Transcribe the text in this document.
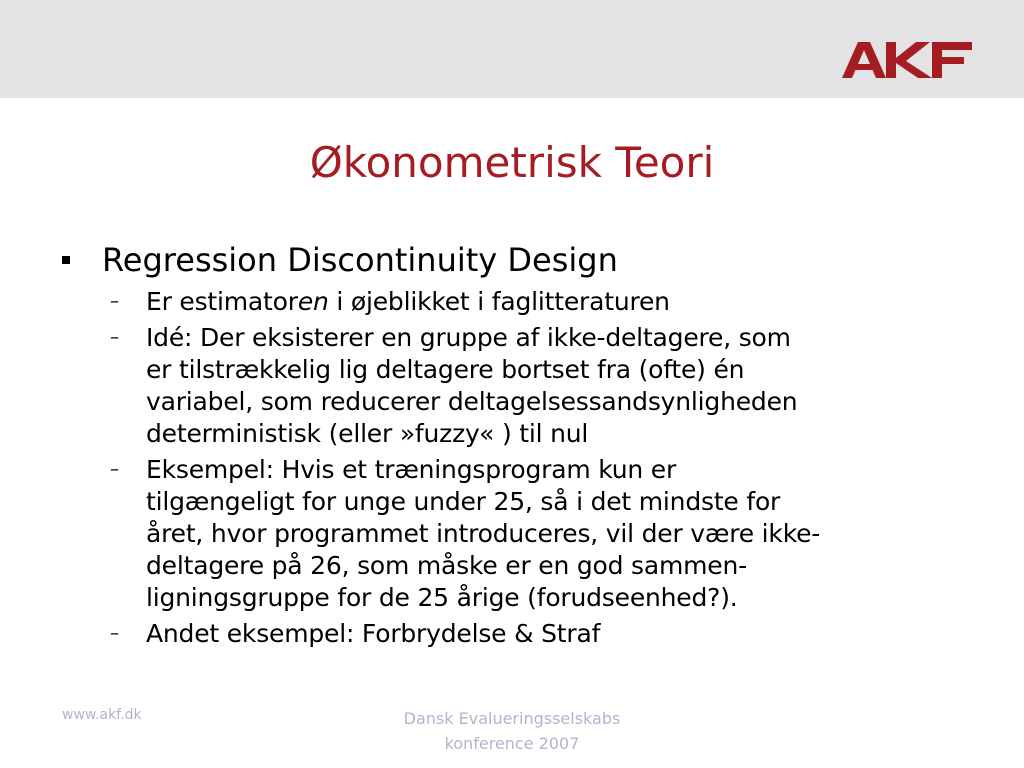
Økonometrisk Teori
Regression Discontinuity Design
– Er estimatoren i øjeblikket i faglitteraturen
– Idé: Der eksisterer en gruppe af ikke-deltagere, som
er tilstrækkelig lig deltagere bortset fra (ofte) én
variabel, som reducerer deltagelsessandsynligheden
deterministisk (eller »fuzzy« ) til nul
– Eksempel: Hvis et træningsprogram kun er
tilgængeligt for unge under 25, så i det mindste for
året, hvor programmet introduceres, vil der være ikke-
deltagere på 26, som måske er en god sammen-
ligningsgruppe for de 25 årige (forudseenhed?).
– Andet eksempel: Forbrydelse & Straf
www.akf.dk	Dansk Evalueringsselskabs
konference 2007
